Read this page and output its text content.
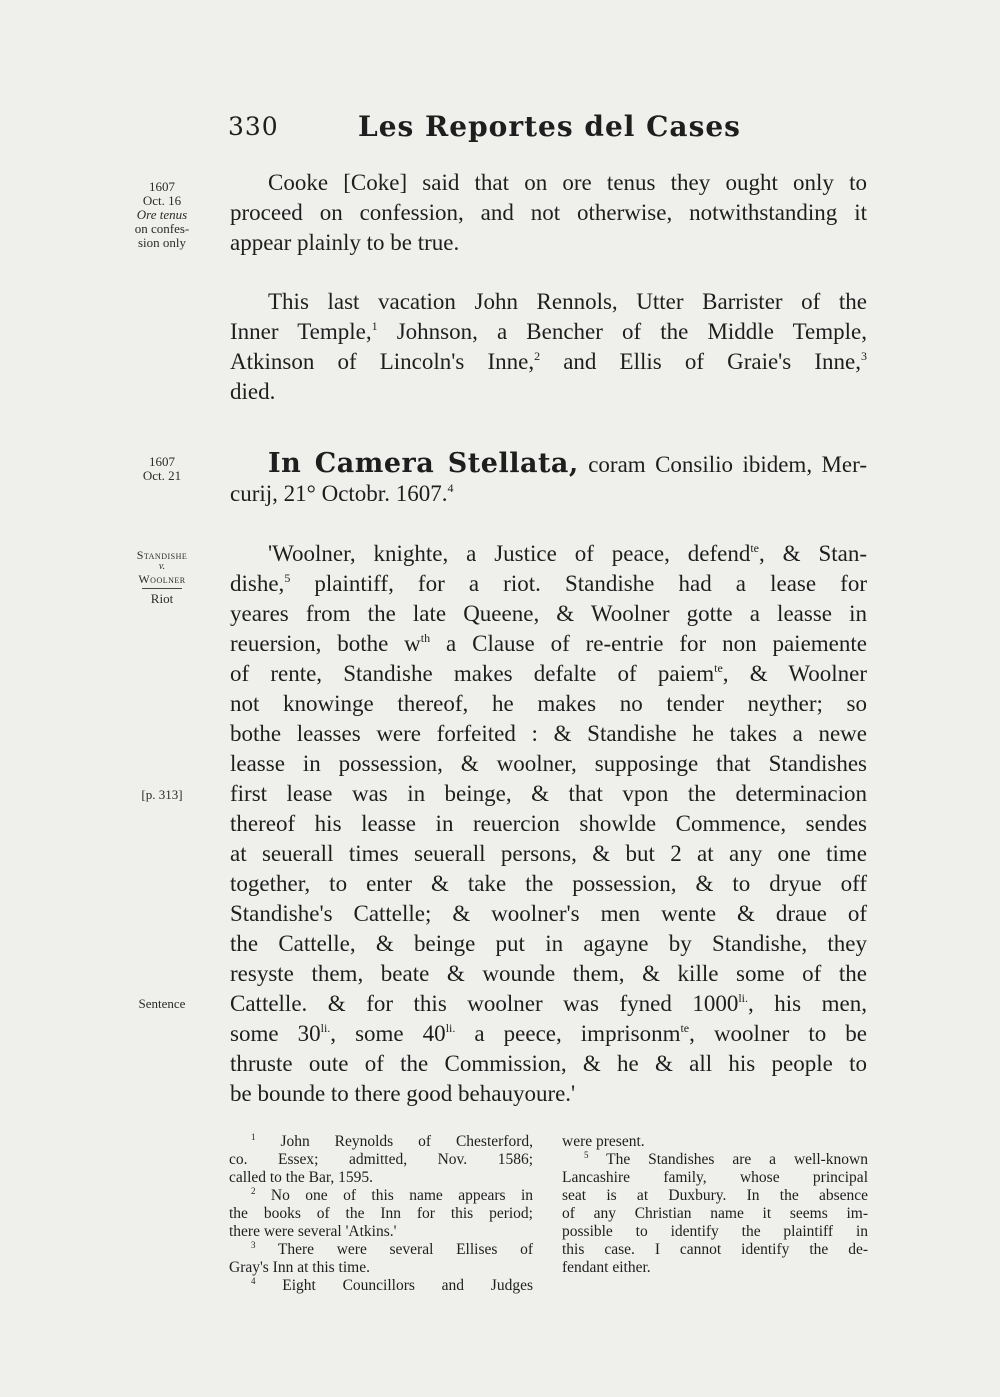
330	Les Reportes del Cases
1607
Oct. 16
Ore tenus
on confes-
sion only
1607
Oct. 21
Standishe
v.
Woolner
Riot
[p. 313]
Sentence
Cooke [Coke] said that on ore tenus they ought only to
proceed on confession, and not otherwise, notwithstanding it
appear plainly to be true.
This last vacation John Rennols, Utter Barrister of the
Inner Temple,$^1$ Johnson, a Bencher of the Middle Temple,
Atkinson of Lincoln's Inne,$^2$ and Ellis of Graie's Inne,$^3$
died.
In Camera Stellata, coram Consilio ibidem, Mer-
curij, 21° Octobr. 1607.$^4$
'Woolner, knighte, a Justice of peace, defend$^{te}$, & Stan-
dishe,$^5$ plaintiff, for a riot. Standishe had a lease for
yeares from the late Queene, & Woolner gotte a leasse in
reuersion, bothe $w^{th}$ a Clause of re-entrie for non paiemente
of rente, Standishe makes defalte of paiem$^{te}$, & Woolner
not knowinge thereof, he makes no tender neyther; so
bothe leasses were forfeited : & Standishe he takes a newe
leasse in possession, & woolner, supposinge that Standishes
first lease was in beinge, & that vpon the determinacion
thereof his leasse in reuercion showlde Commence, sendes
at seuerall times seuerall persons, & but 2 at any one time
together, to enter & take the possession, & to dryue off
Standishe's Cattelle; & woolner's men wente & draue of
the Cattelle, & beinge put in agayne by Standishe, they
resyste them, beate & wounde them, & kille some of the
Cattelle. & for this woolner was fyned $1000^{li.}$, his men,
some $30^{li.}$, some $40^{li.}$ a peece, imprisonm$^{te}$, woolner to be
thruste oute of the Commission, & he & all his people to
be bounde to there good behauyoure.'
$^1$ John Reynolds of Chesterford,
co. Essex; admitted, Nov. 1586;
called to the Bar, 1595.
$^2$ No one of this name appears in
the books of the Inn for this period;
there were several 'Atkins.'
$^3$ There were several Ellises of
Gray's Inn at this time.
$^4$ Eight Councillors and Judges
were present.
$^5$ The Standishes are a well-known
Lancashire family, whose principal
seat is at Duxbury. In the absence
of any Christian name it seems im-
possible to identify the plaintiff in
this case. I cannot identify the de-
fendant either.
